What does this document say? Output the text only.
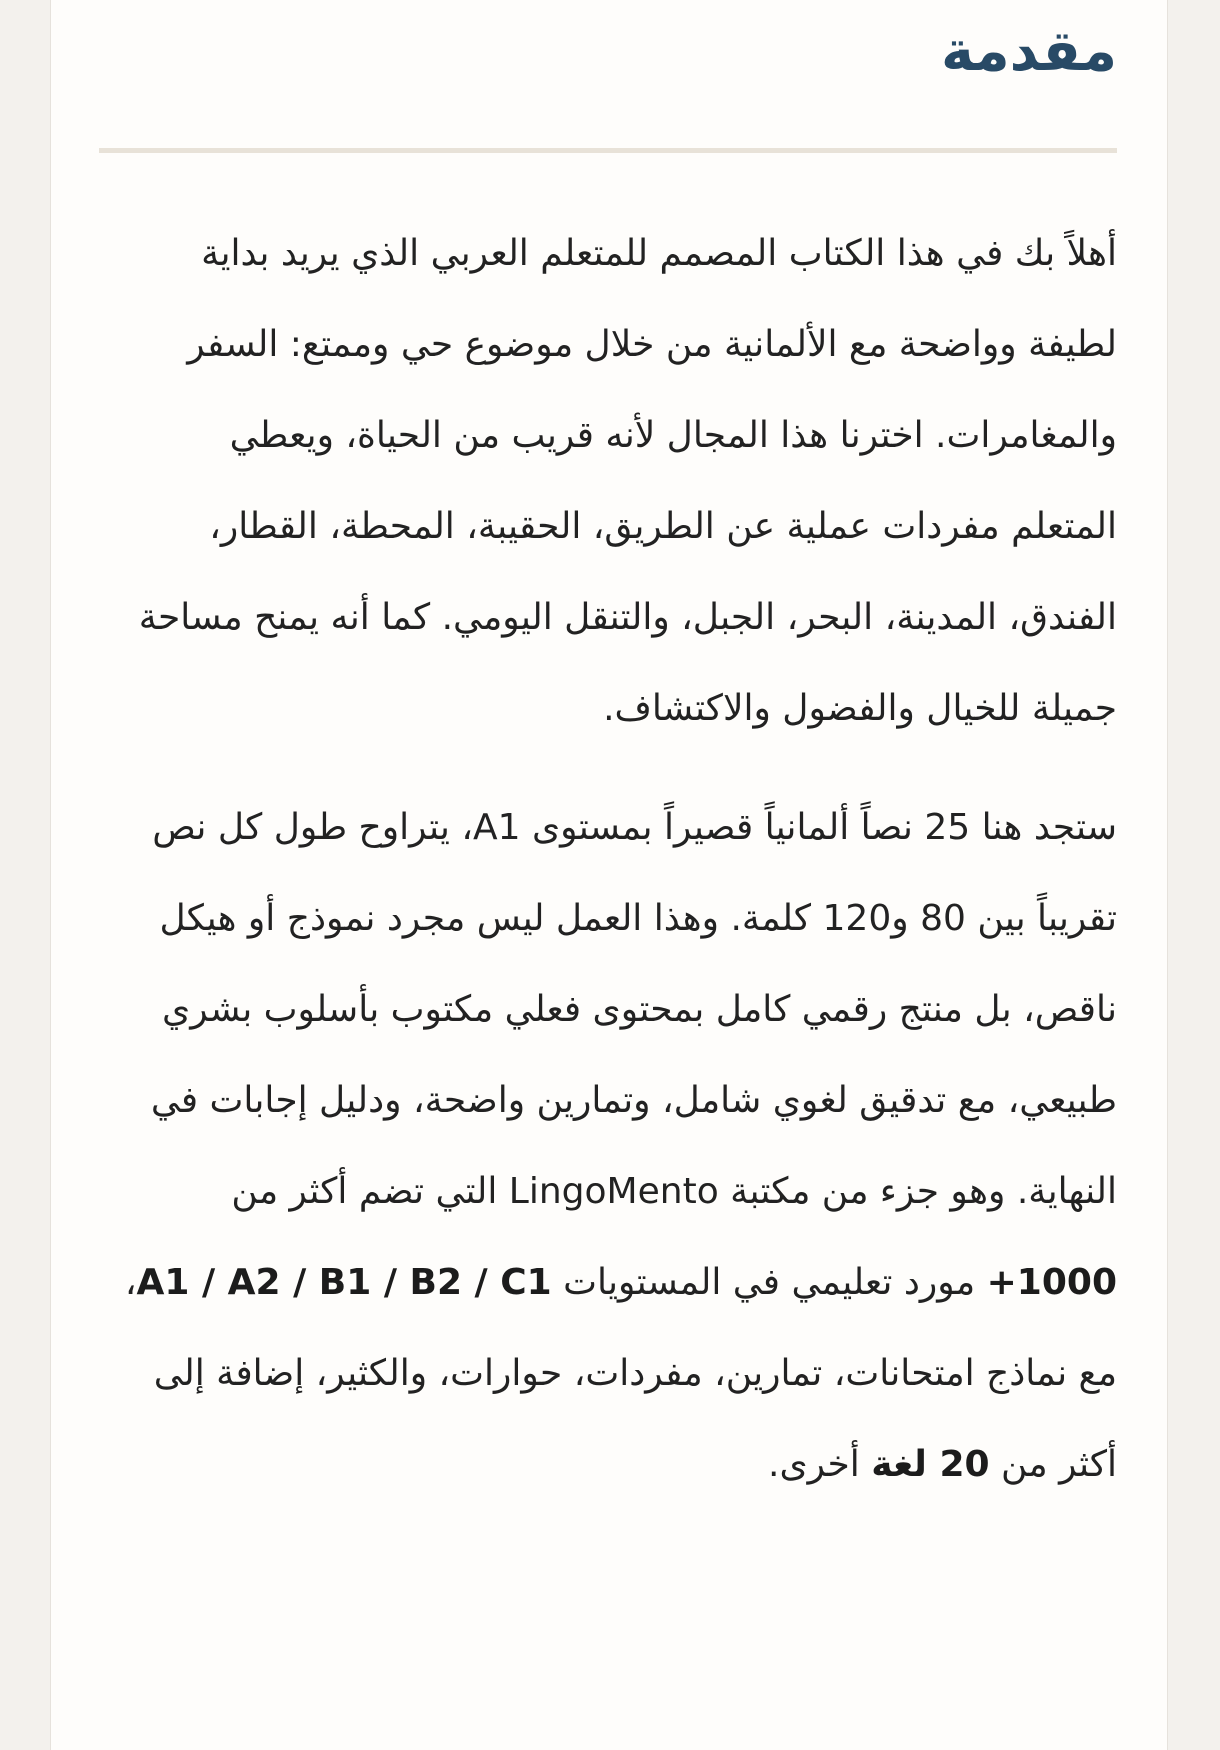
مقدمة

أهلاً بك في هذا الكتاب المصمم للمتعلم العربي الذي يريد بداية لطيفة وواضحة مع الألمانية من خلال موضوع حي وممتع: السفر والمغامرات. اخترنا هذا المجال لأنه قريب من الحياة، ويعطي المتعلم مفردات عملية عن الطريق، الحقيبة، المحطة، القطار، الفندق، المدينة، البحر، الجبل، والتنقل اليومي. كما أنه يمنح مساحة جميلة للخيال والفضول والاكتشاف.

ستجد هنا 25 نصاً ألمانياً قصيراً بمستوى A1، يتراوح طول كل نص تقريباً بين 80 و120 كلمة. وهذا العمل ليس مجرد نموذج أو هيكل ناقص، بل منتج رقمي كامل بمحتوى فعلي مكتوب بأسلوب بشري طبيعي، مع تدقيق لغوي شامل، وتمارين واضحة، ودليل إجابات في النهاية. وهو جزء من مكتبة LingoMento التي تضم أكثر من 1000+ مورد تعليمي في المستويات A1 / A2 / B1 / B2 / C1، مع نماذج امتحانات، تمارين، مفردات، حوارات، والكثير، إضافة إلى أكثر من 20 لغة أخرى.
